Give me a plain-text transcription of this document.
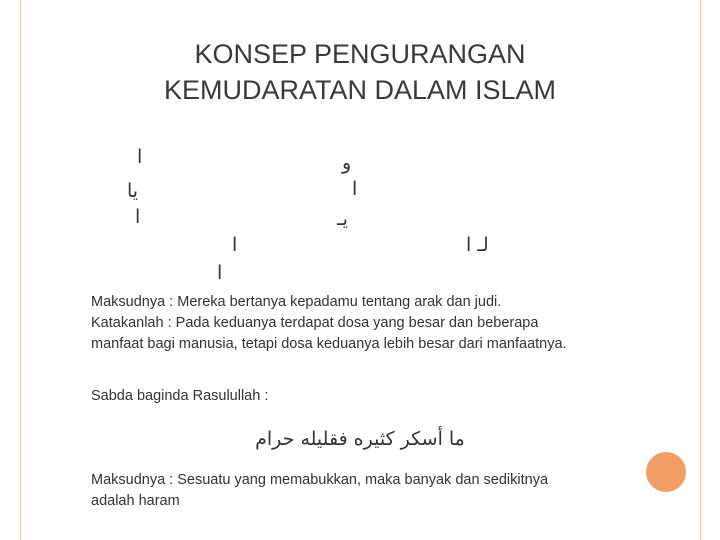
KONSEP PENGURANGAN
KEMUDARATAN DALAM ISLAM
ا	و
يا	ا
ا	يـ
ا	لـ ا
ا
Maksudnya : Mereka bertanya kepadamu tentang arak dan judi.
Katakanlah : Pada keduanya terdapat dosa yang besar dan beberapa
manfaat bagi manusia, tetapi dosa keduanya lebih besar dari manfaatnya.
Sabda baginda Rasulullah :
ما أسكر كثيره فقليله حرام
Maksudnya : Sesuatu yang memabukkan, maka banyak dan sedikitnya
adalah haram
